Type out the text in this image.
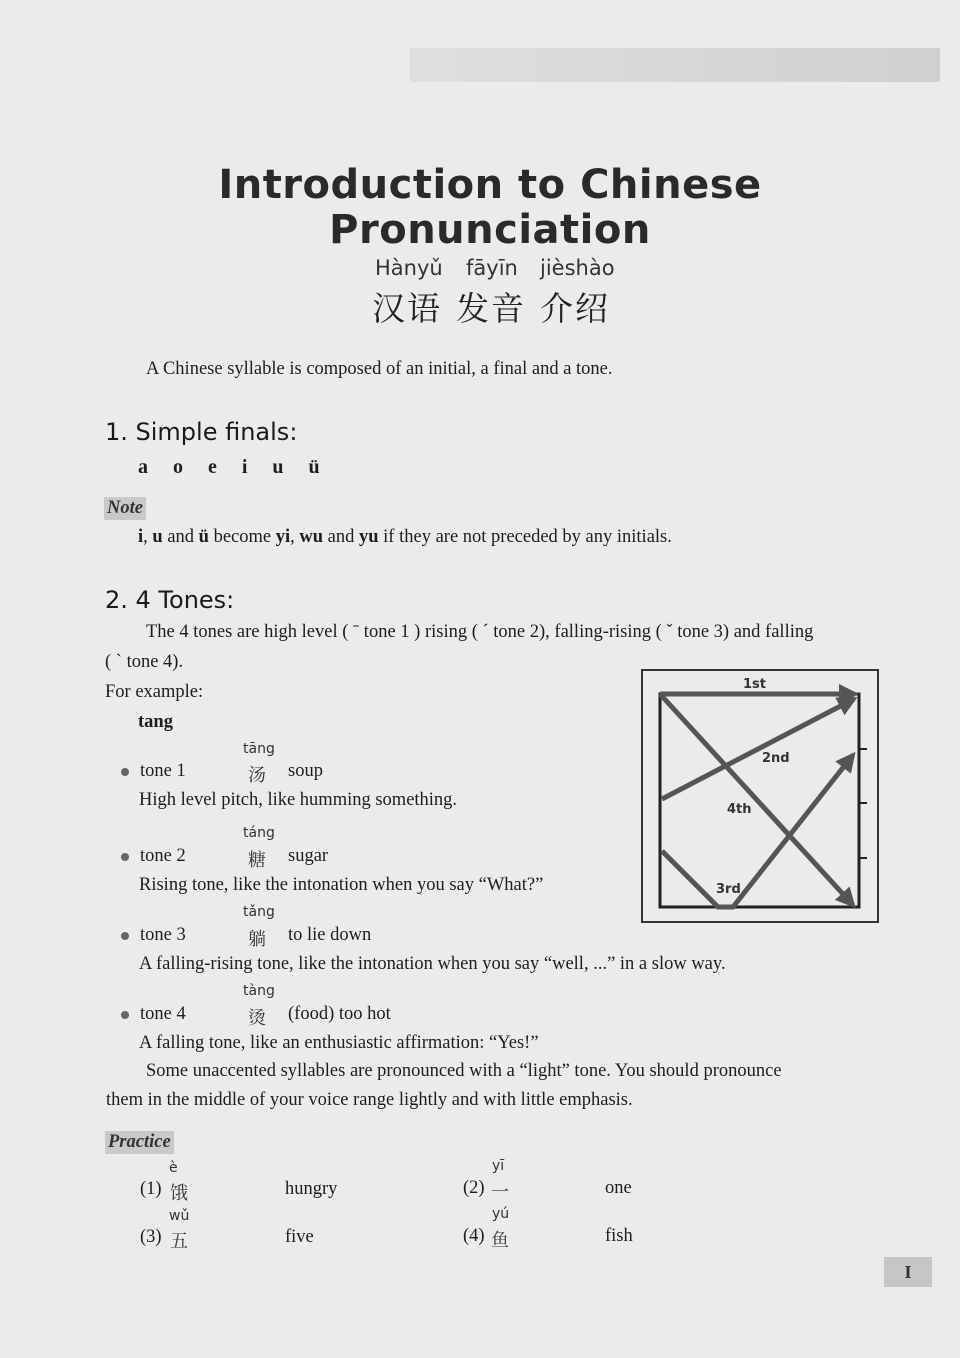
Introduction to Chinese
Pronunciation
Hànyǔ fāyīn jièshào
汉语 发音 介绍
A Chinese syllable is composed of an initial, a final and a tone.
1. Simple finals:
a o e i u ü
Note
i, u and ü become yi, wu and yu if they are not preceded by any initials.
2. 4 Tones:
The 4 tones are high level ( ˉ tone 1 ) rising ( ˊ tone 2), falling-rising ( ˇ tone 3) and falling
( ˋ tone 4).
For example:
tang
tāng
tone 1	汤 soup
High level pitch, like humming something.
táng
tone 2	糖 sugar
Rising tone, like the intonation when you say “What?”
tǎng
tone 3	躺 to lie down
A falling-rising tone, like the intonation when you say “well, ...” in a slow way.
tàng
tone 4	烫 (food) too hot
A falling tone, like an enthusiastic affirmation: “Yes!”
Some unaccented syllables are pronounced with a “light” tone. You should pronounce
them in the middle of your voice range lightly and with little emphasis.
Practice
è
(1) 饿	hungry
yī
(2) 一	one
wǔ
(3) 五	five
yú
(4) 鱼	fish
1st
2nd
4th
3rd
I
